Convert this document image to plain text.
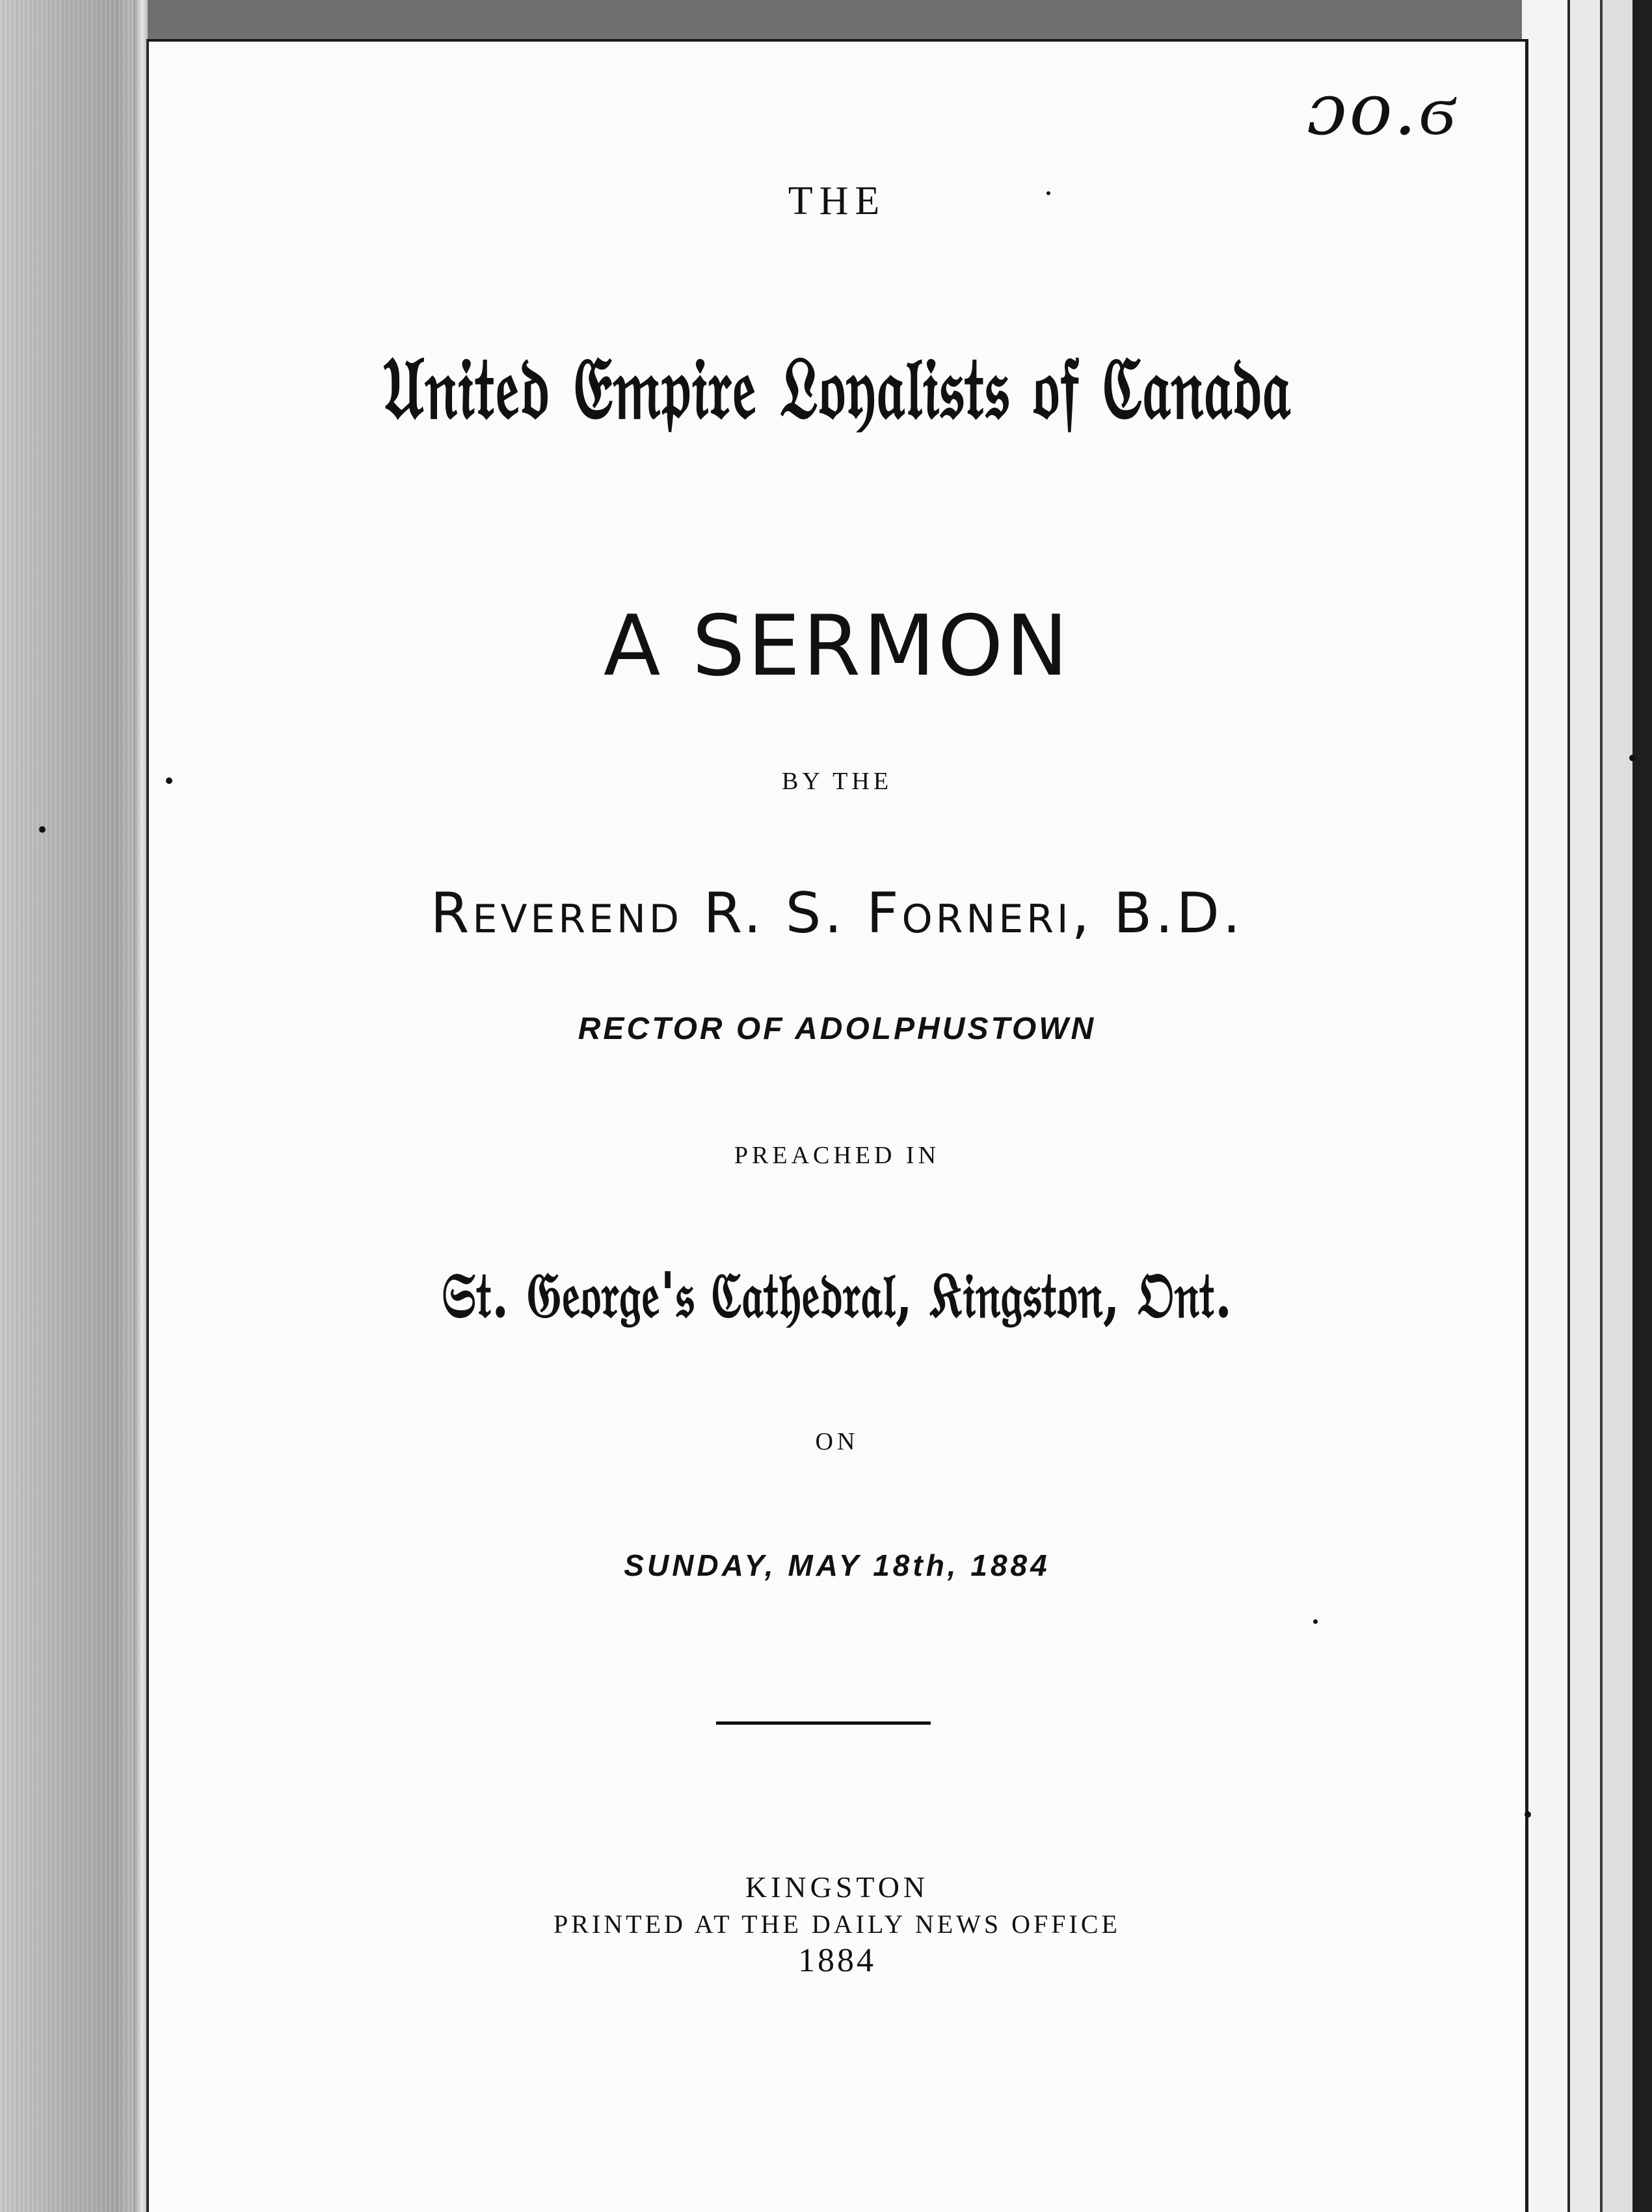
ɔo.ϭ
THE
𝔘𝔫𝔦𝔱𝔢𝔡 𝔈𝔪𝔭𝔦𝔯𝔢 𝔏𝔬𝔶𝔞𝔩𝔦𝔰𝔱𝔰 𝔬𝔣 ℭ𝔞𝔫𝔞𝔡𝔞
A SERMON
BY THE
Reverend R. S. Forneri, B.D.
RECTOR OF ADOLPHUSTOWN
PREACHED IN
𝔖𝔱. 𝔊𝔢𝔬𝔯𝔤𝔢'𝔰 ℭ𝔞𝔱𝔥𝔢𝔡𝔯𝔞𝔩, 𝔎𝔦𝔫𝔤𝔰𝔱𝔬𝔫, 𝔒𝔫𝔱.
ON
SUNDAY, MAY 18th, 1884
KINGSTON
PRINTED AT THE DAILY NEWS OFFICE
1884
